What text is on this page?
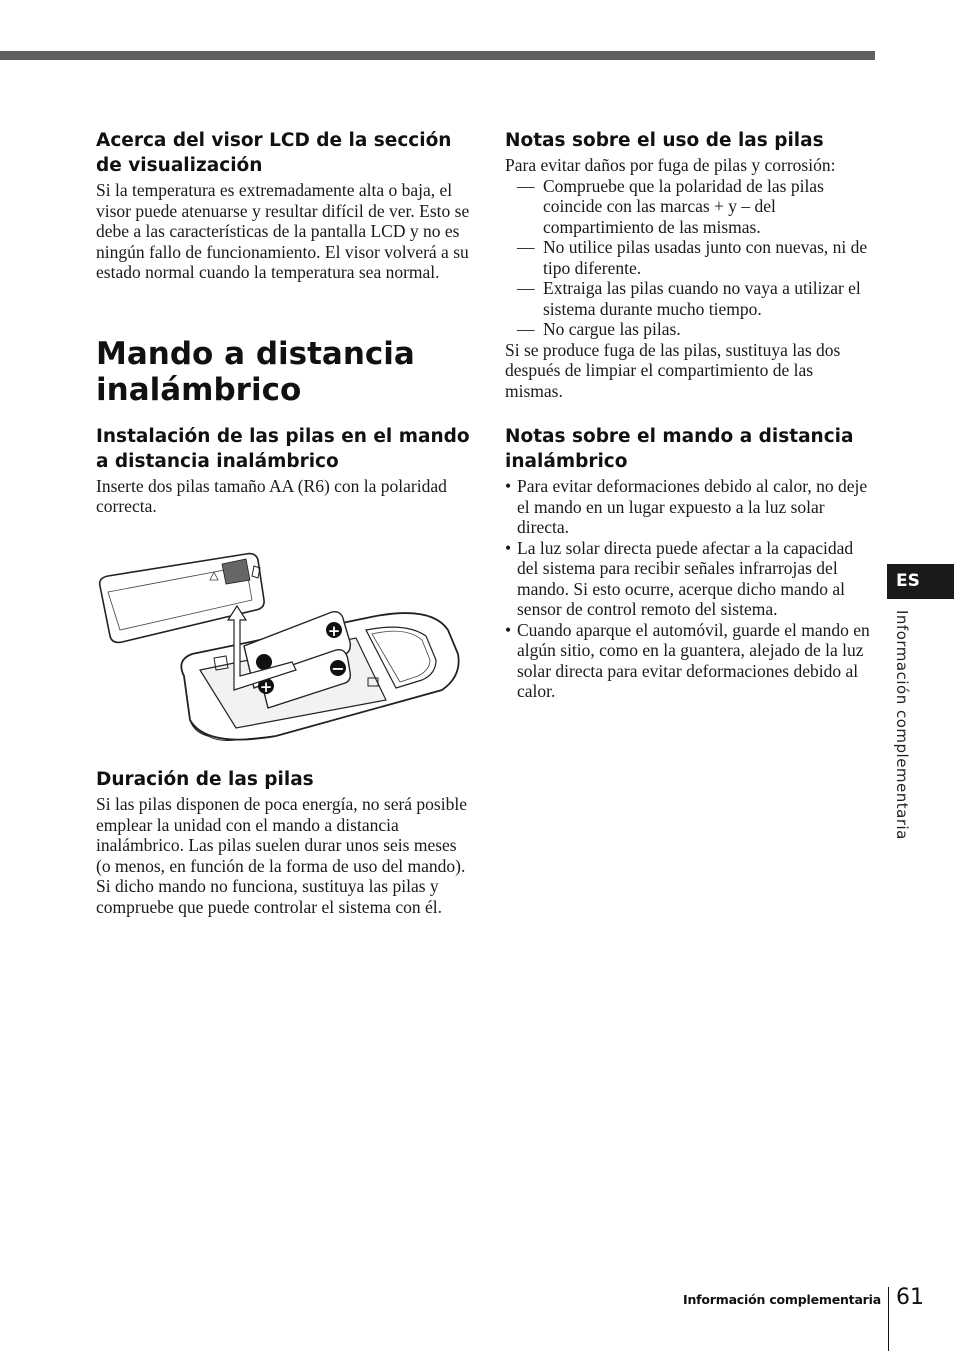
Acerca del visor LCD de la sección de visualización

Si la temperatura es extremadamente alta o baja, el visor puede atenuarse y resultar difícil de ver. Esto se debe a las características de la pantalla LCD y no es ningún fallo de funcionamiento. El visor volverá a su estado normal cuando la temperatura sea normal.

Mando a distancia inalámbrico
Instalación de las pilas en el mando a distancia inalámbrico

Inserte dos pilas tamaño AA (R6) con la polaridad correcta.

+
−
+
Duración de las pilas

Si las pilas disponen de poca energía, no será posible emplear la unidad con el mando a distancia inalámbrico. Las pilas suelen durar unos seis meses (o menos, en función de la forma de uso del mando). Si dicho mando no funciona, sustituya las pilas y compruebe que puede controlar el sistema con él.

Notas sobre el uso de las pilas

Para evitar daños por fuga de pilas y corrosión:

— Compruebe que la polaridad de las pilas coincide con las marcas + y – del compartimiento de las mismas.
— No utilice pilas usadas junto con nuevas, ni de tipo diferente.
— Extraiga las pilas cuando no vaya a utilizar el sistema durante mucho tiempo.
— No cargue las pilas.

Si se produce fuga de las pilas, sustituya las dos después de limpiar el compartimiento de las mismas.

Notas sobre el mando a distancia inalámbrico
• Para evitar deformaciones debido al calor, no deje el mando en un lugar expuesto a la luz solar directa.
• La luz solar directa puede afectar a la capacidad del sistema para recibir señales infrarrojas del mando. Si esto ocurre, acerque dicho mando al sensor de control remoto del sistema.
• Cuando aparque el automóvil, guarde el mando en algún sitio, como en la guantera, alejado de la luz solar directa para evitar deformaciones debido al calor.
ES
Información complementaria
Información complementaria 61
